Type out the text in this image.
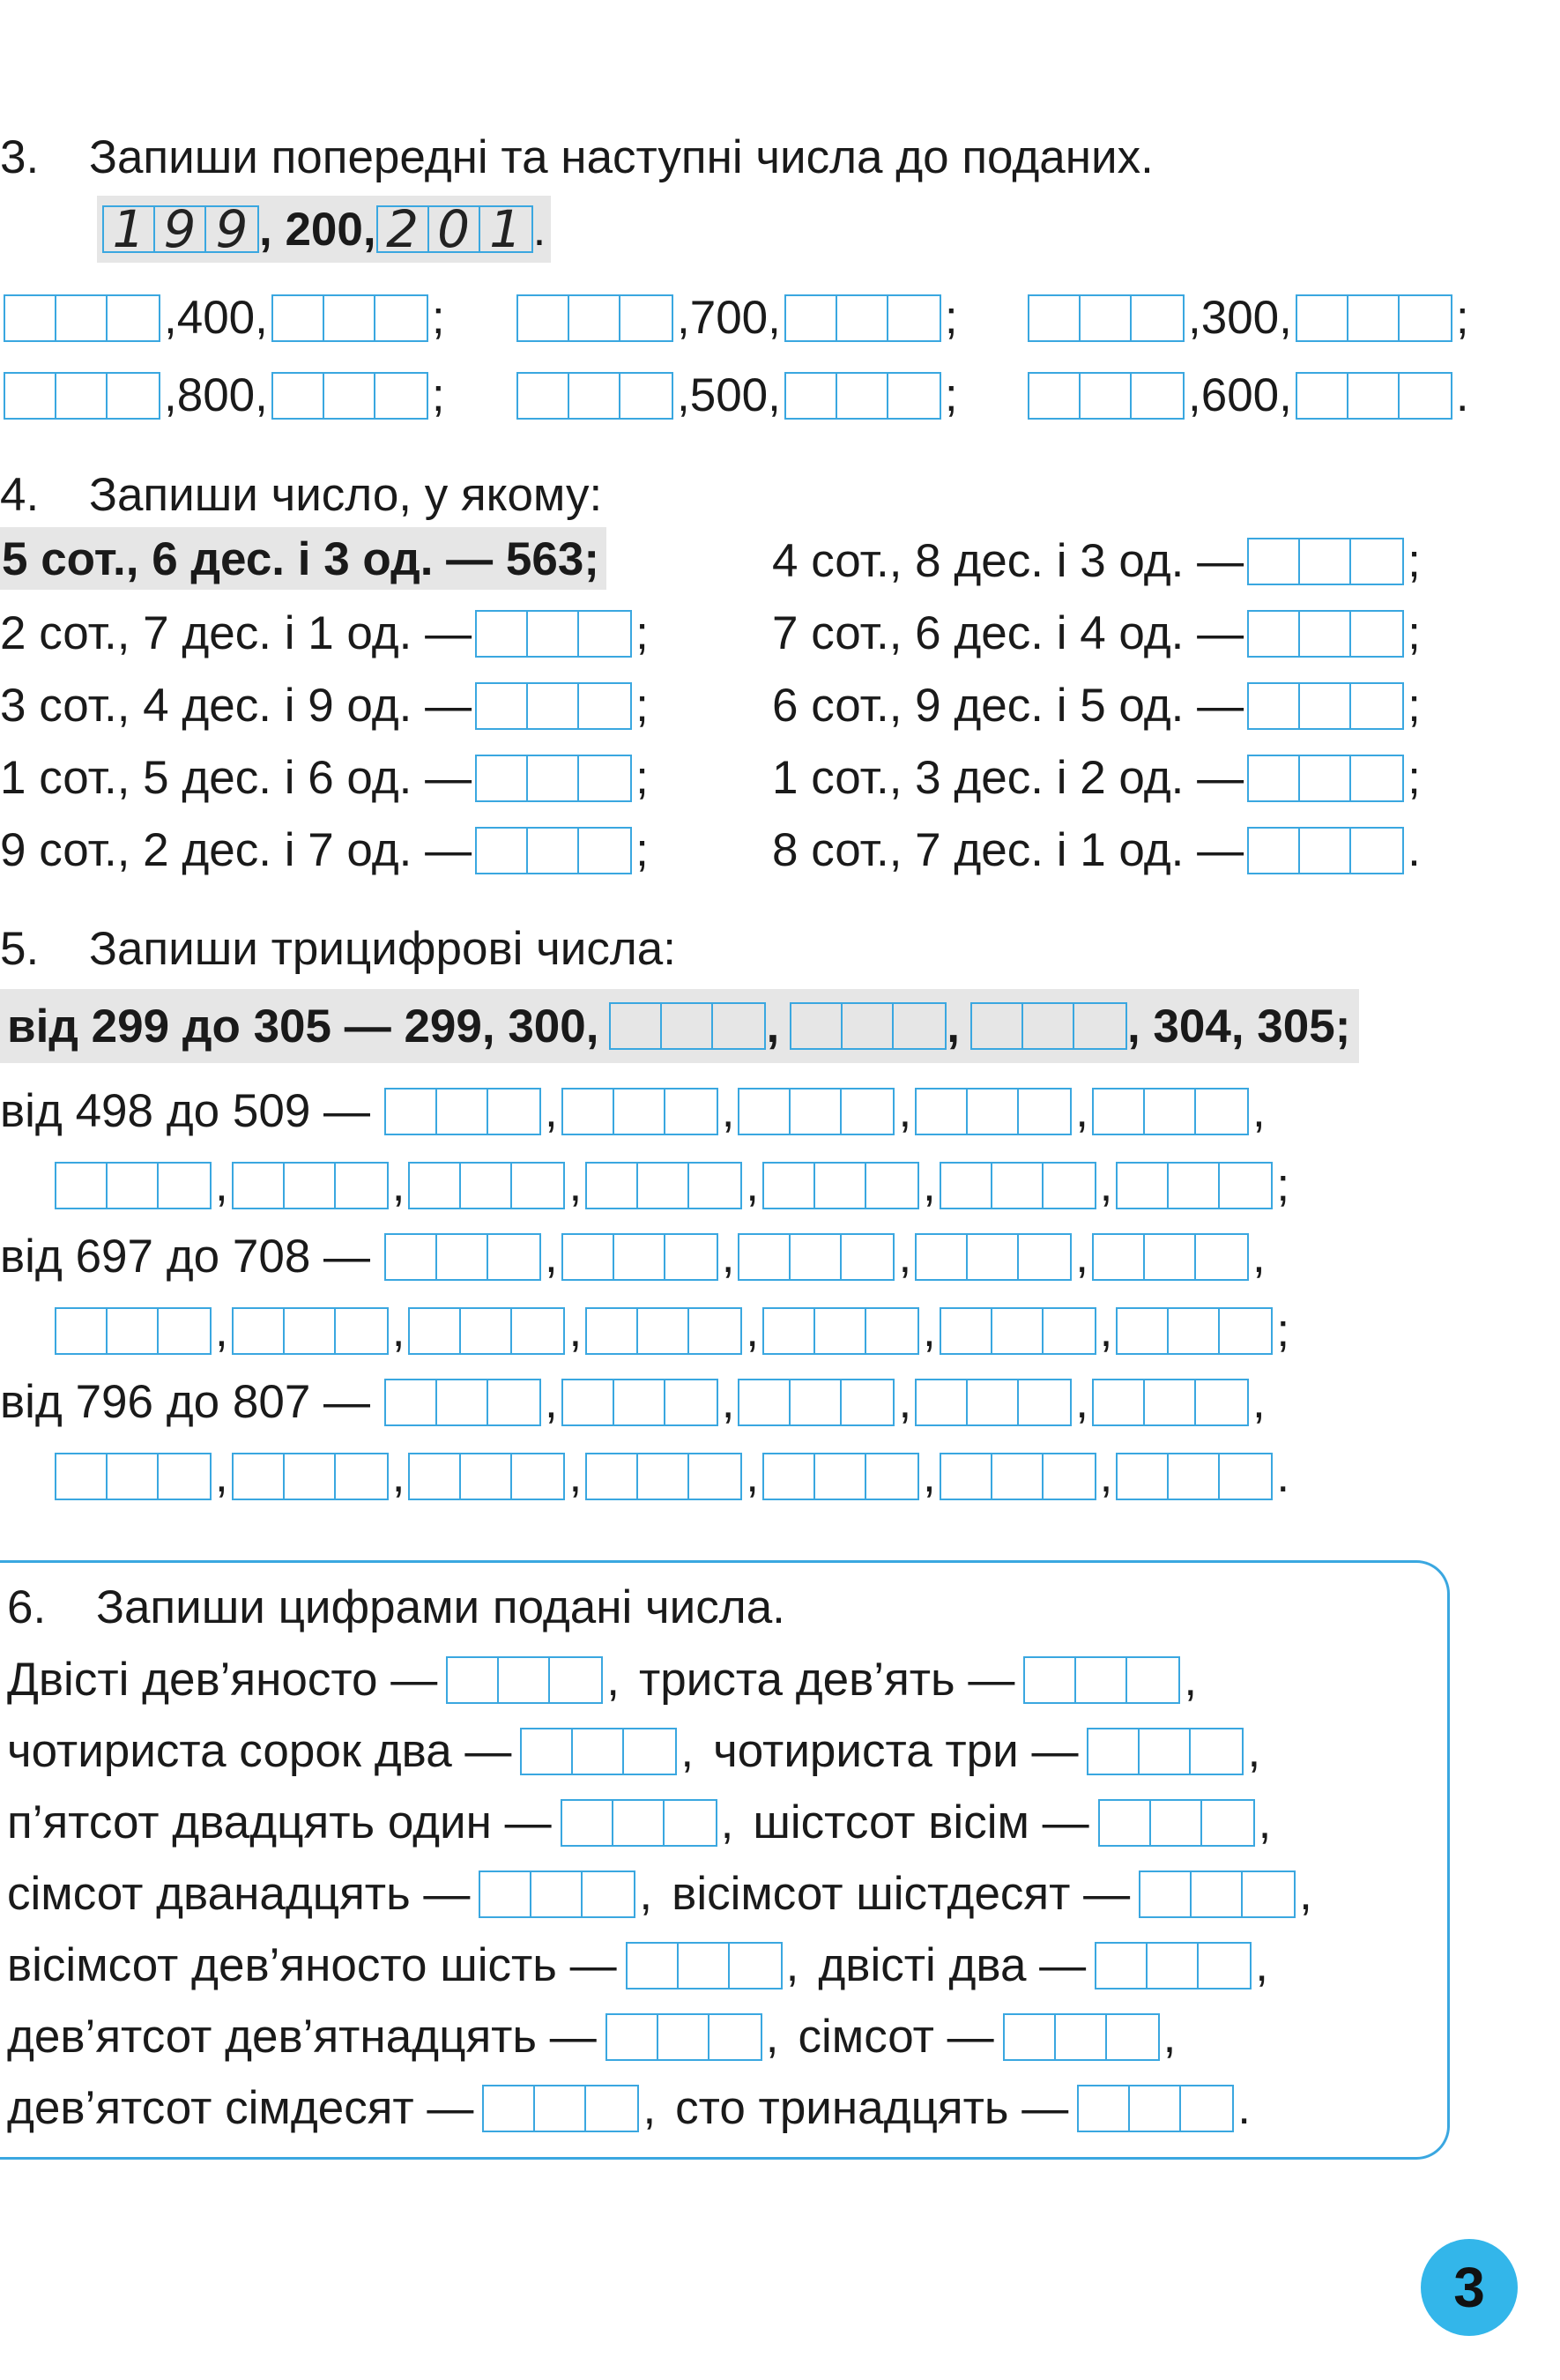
3. Запиши попередні та наступні числа до поданих.
1 9 9 , 200, 2 0 1 .
,400,	;	,700,	;	,300,	;
,800,	;	,500,	;	,600,	.
4. Запиши число, у якому:
5 сот., 6 дес. і 3 од. — 563;
2 сот., 7 дес. і 1 од. —	;
3 сот., 4 дес. і 9 од. —	;
1 сот., 5 дес. і 6 од. —	;
9 сот., 2 дес. і 7 од. —	;
4 сот., 8 дес. і 3 од. —	;
7 сот., 6 дес. і 4 од. —	;
6 сот., 9 дес. і 5 од. —	;
1 сот., 3 дес. і 2 од. —	;
8 сот., 7 дес. і 1 од. —	.
5. Запиши трицифрові числа:
від 299 до 305 — 299, 300,	,	,	, 304, 305;
від 498 до 509 —	,	,	,	,	,
,	,	,	,	,	,	;
від 697 до 708 —	,	,	,	,	,
,	,	,	,	,	,	;
від 796 до 807 —	,	,	,	,	,
,	,	,	,	,	,	.
6. Запиши цифрами подані числа.
Двісті дев’яносто —	, триста дев’ять —	,
чотириста сорок два —	, чотириста три —	,
п’ятсот двадцять один —	, шістсот вісім —	,
сімсот дванадцять —	, вісімсот шістдесят —	,
вісімсот дев’яносто шість —	, двісті два —	,
дев’ятсот дев’ятнадцять —	, сімсот —	,
дев’ятсот сімдесят —	, сто тринадцять —	.
3
